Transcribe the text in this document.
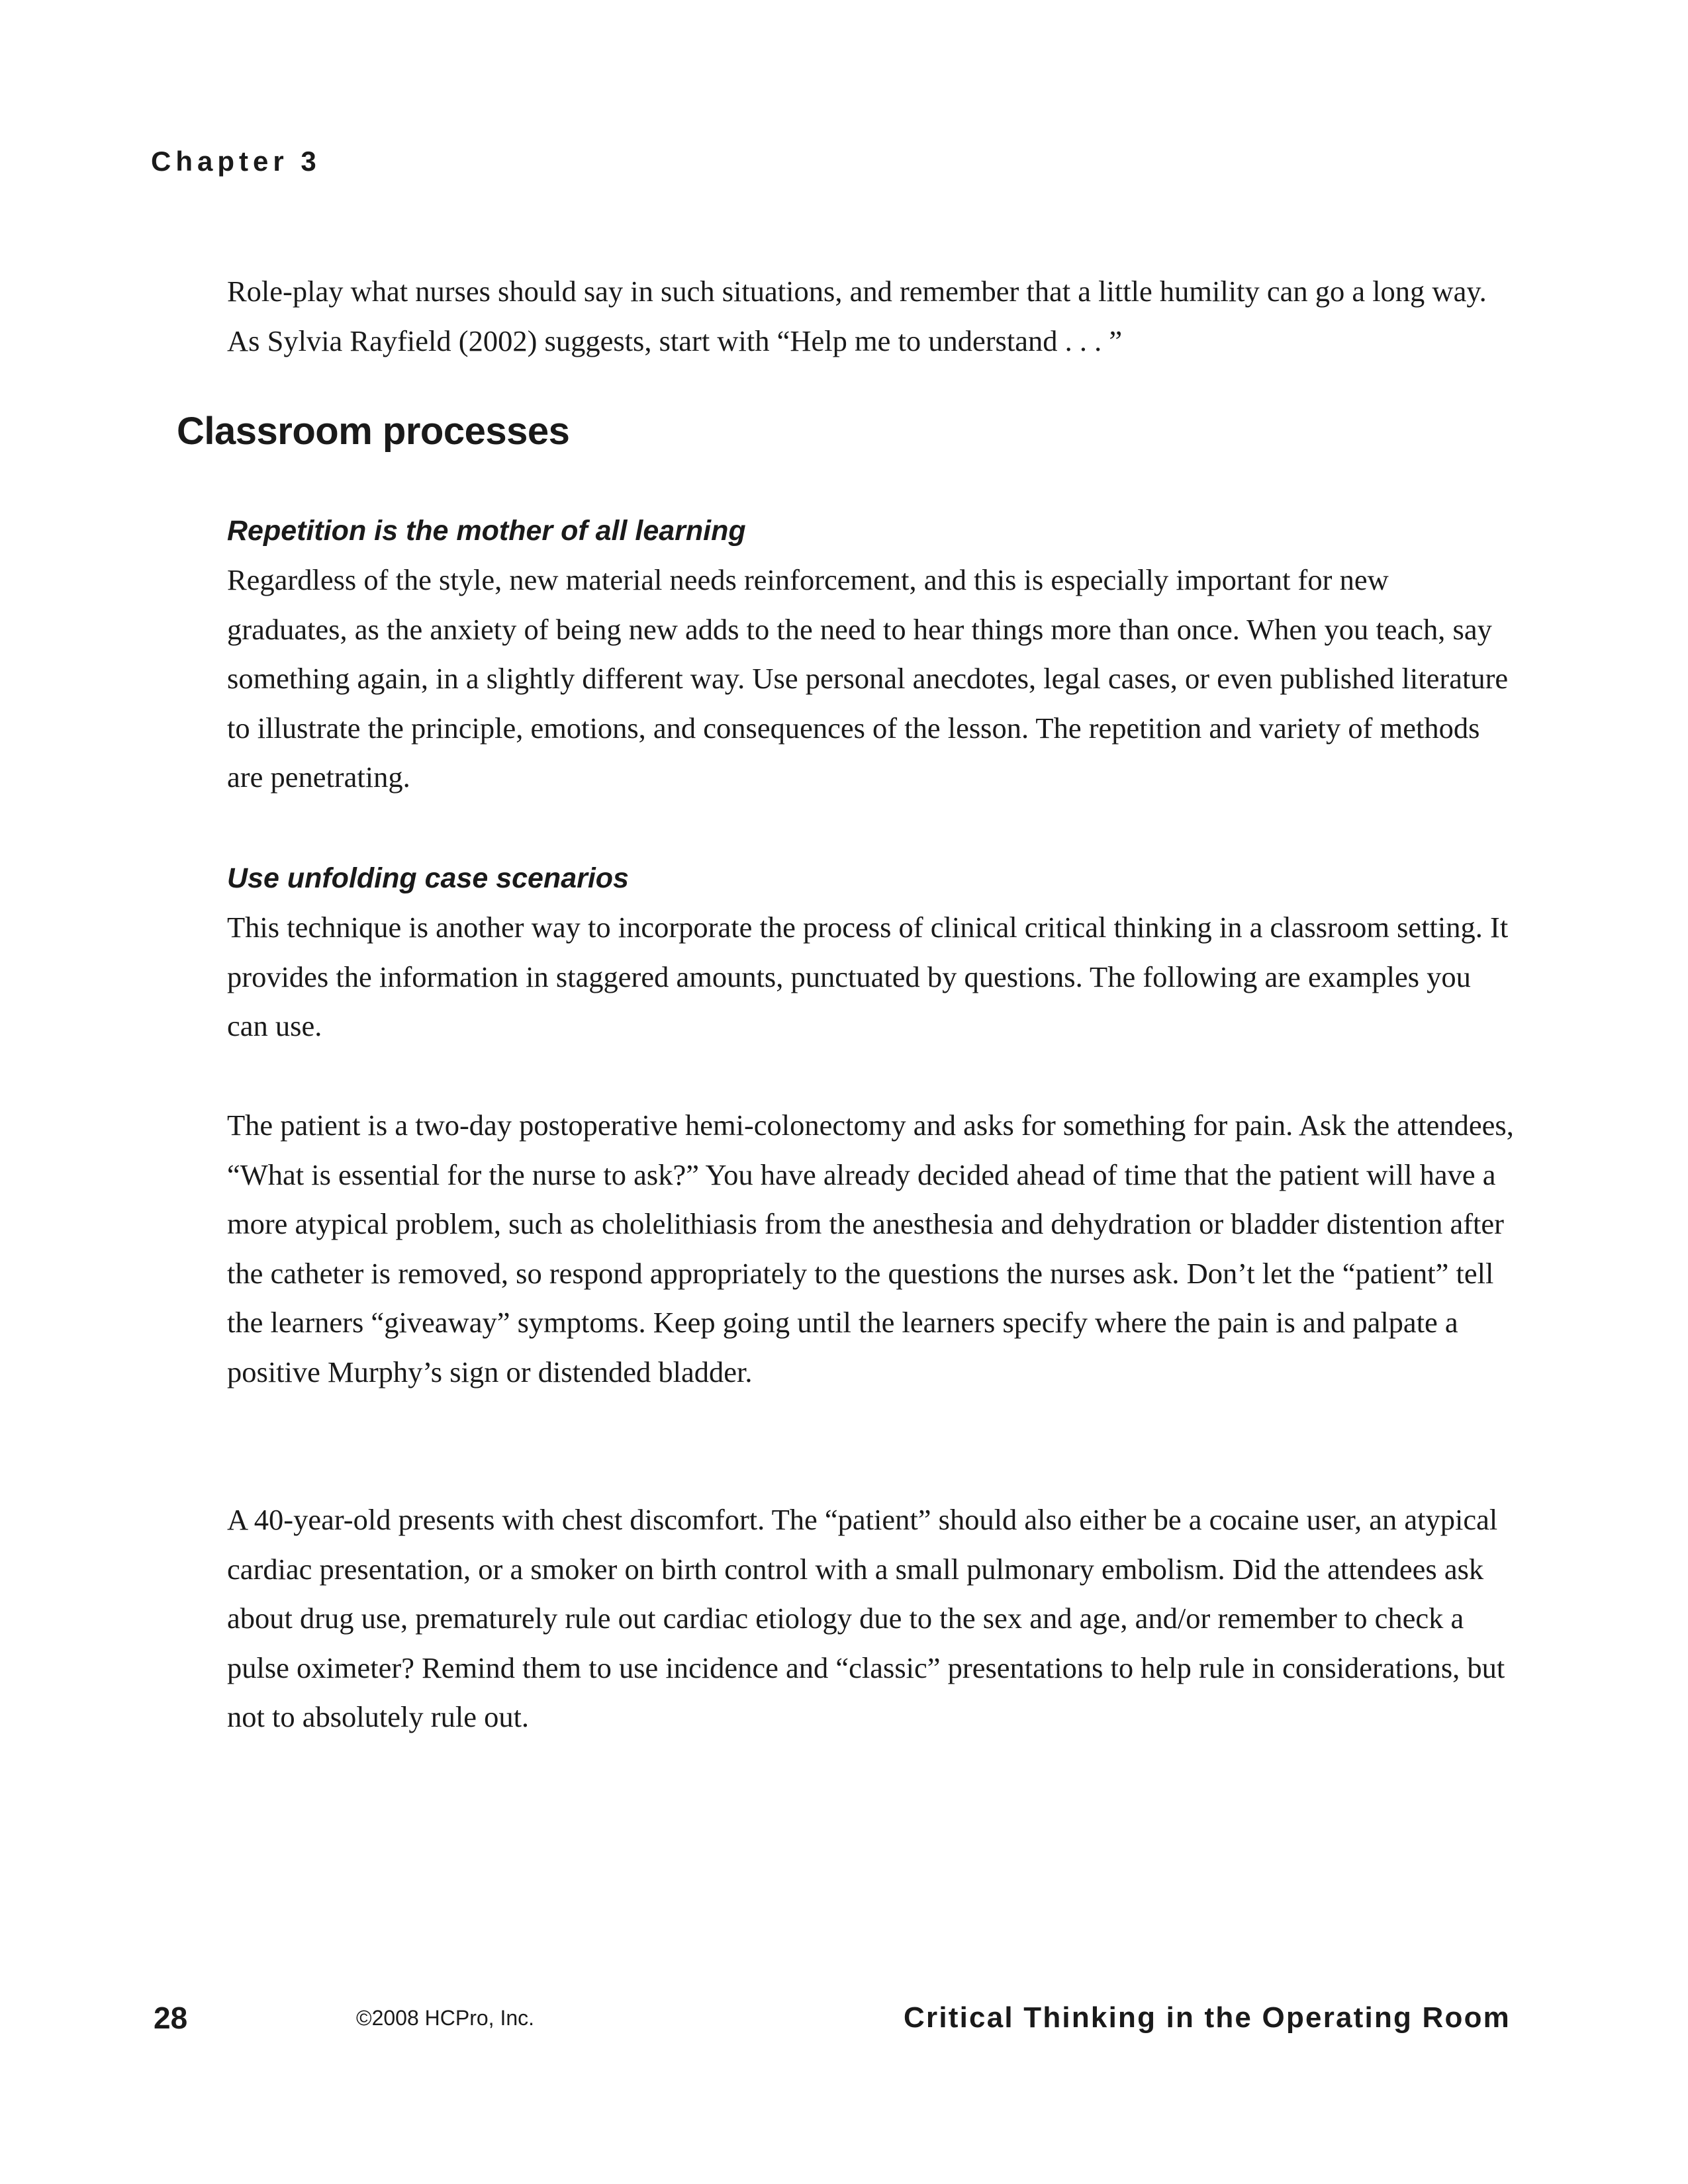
Chapter 3

Role-play what nurses should say in such situations, and remember that a little humility can go a long way. As Sylvia Rayfield (2002) suggests, start with “Help me to understand . . . ”

Classroom processes
Repetition is the mother of all learning

Regardless of the style, new material needs reinforcement, and this is especially important for new graduates, as the anxiety of being new adds to the need to hear things more than once. When you teach, say something again, in a slightly different way. Use personal anecdotes, legal cases, or even published literature to illustrate the principle, emotions, and consequences of the lesson. The repetition and variety of methods are penetrating.

Use unfolding case scenarios

This technique is another way to incorporate the process of clinical critical thinking in a classroom setting. It provides the information in staggered amounts, punctuated by questions. The following are examples you can use.

The patient is a two-day postoperative hemi-colonectomy and asks for something for pain. Ask the attendees, “What is essential for the nurse to ask?” You have already decided ahead of time that the patient will have a more atypical problem, such as cholelithiasis from the anesthesia and dehydration or bladder distention after the catheter is removed, so respond appropriately to the questions the nurses ask. Don’t let the “patient” tell the learners “giveaway” symptoms. Keep going until the learners specify where the pain is and palpate a positive Murphy’s sign or distended bladder.

A 40-year-old presents with chest discomfort. The “patient” should also either be a cocaine user, an atypical cardiac presentation, or a smoker on birth control with a small pulmonary embolism. Did the attendees ask about drug use, prematurely rule out cardiac etiology due to the sex and age, and/or remember to check a pulse oximeter? Remind them to use incidence and “classic” presentations to help rule in considerations, but not to absolutely rule out.

28	©2008 HCPro, Inc.	Critical Thinking in the Operating Room
